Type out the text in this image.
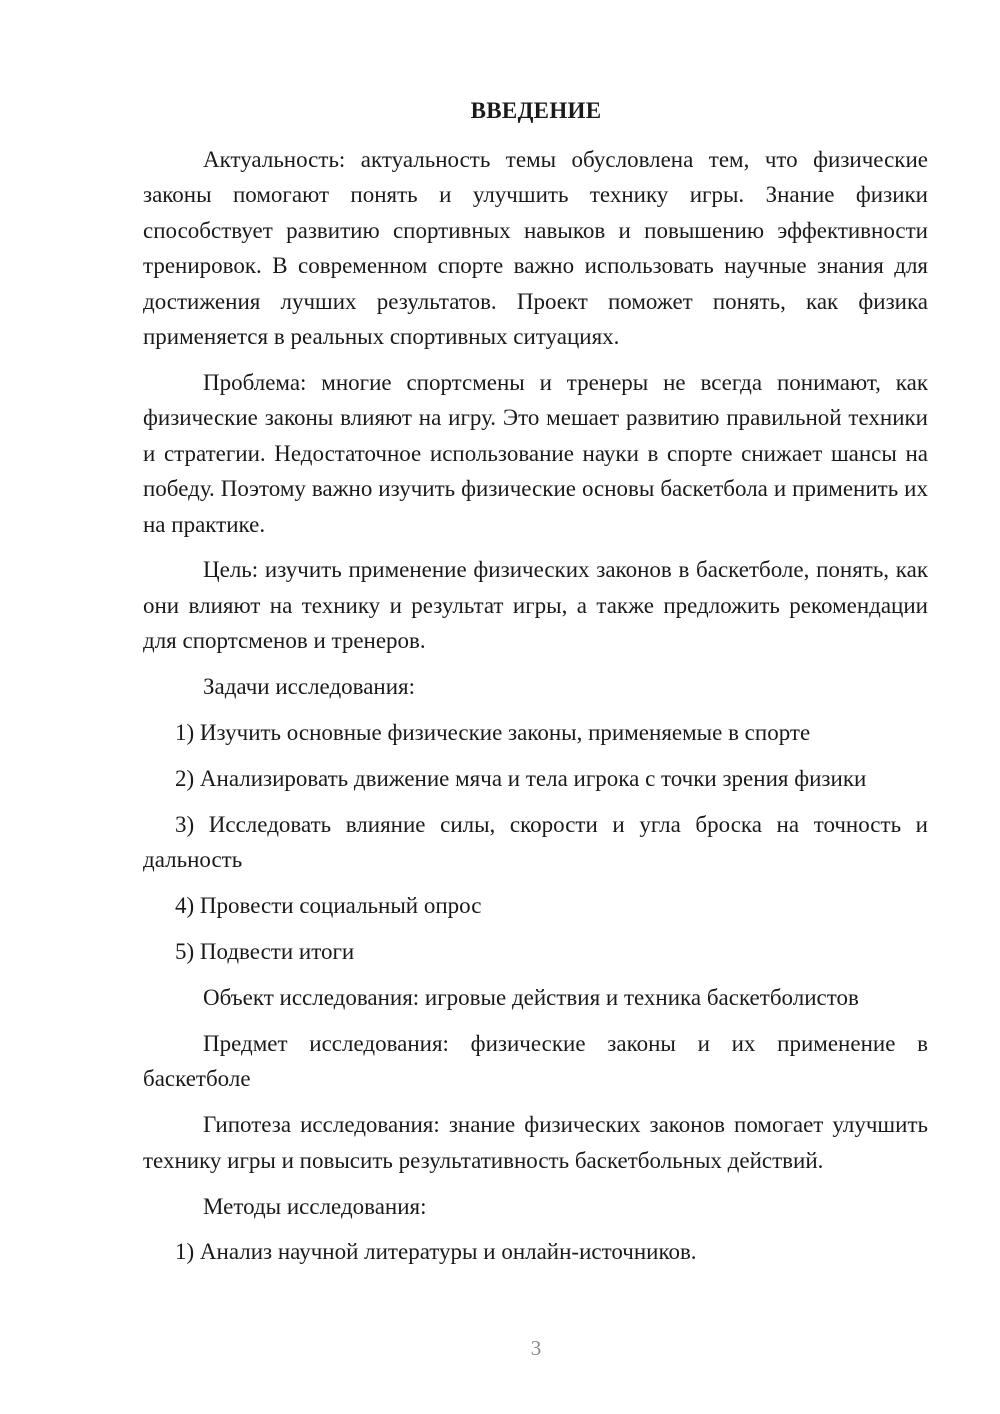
ВВЕДЕНИЕ

Актуальность: актуальность темы обусловлена тем, что физические законы помогают понять и улучшить технику игры. Знание физики способствует развитию спортивных навыков и повышению эффективности тренировок. В современном спорте важно использовать научные знания для достижения лучших результатов. Проект поможет понять, как физика применяется в реальных спортивных ситуациях.

Проблема: многие спортсмены и тренеры не всегда понимают, как физические законы влияют на игру. Это мешает развитию правильной техники и стратегии. Недостаточное использование науки в спорте снижает шансы на победу. Поэтому важно изучить физические основы баскетбола и применить их на практике.

Цель: изучить применение физических законов в баскетболе, понять, как они влияют на технику и результат игры, а также предложить рекомендации для спортсменов и тренеров.

Задачи исследования:

1) Изучить основные физические законы, применяемые в спорте

2) Анализировать движение мяча и тела игрока с точки зрения физики

3) Исследовать влияние силы, скорости и угла броска на точность и дальность

4) Провести социальный опрос

5) Подвести итоги

Объект исследования: игровые действия и техника баскетболистов

Предмет исследования: физические законы и их применение в баскетболе

Гипотеза исследования: знание физических законов помогает улучшить технику игры и повысить результативность баскетбольных действий.

Методы исследования:

1) Анализ научной литературы и онлайн-источников.

3
